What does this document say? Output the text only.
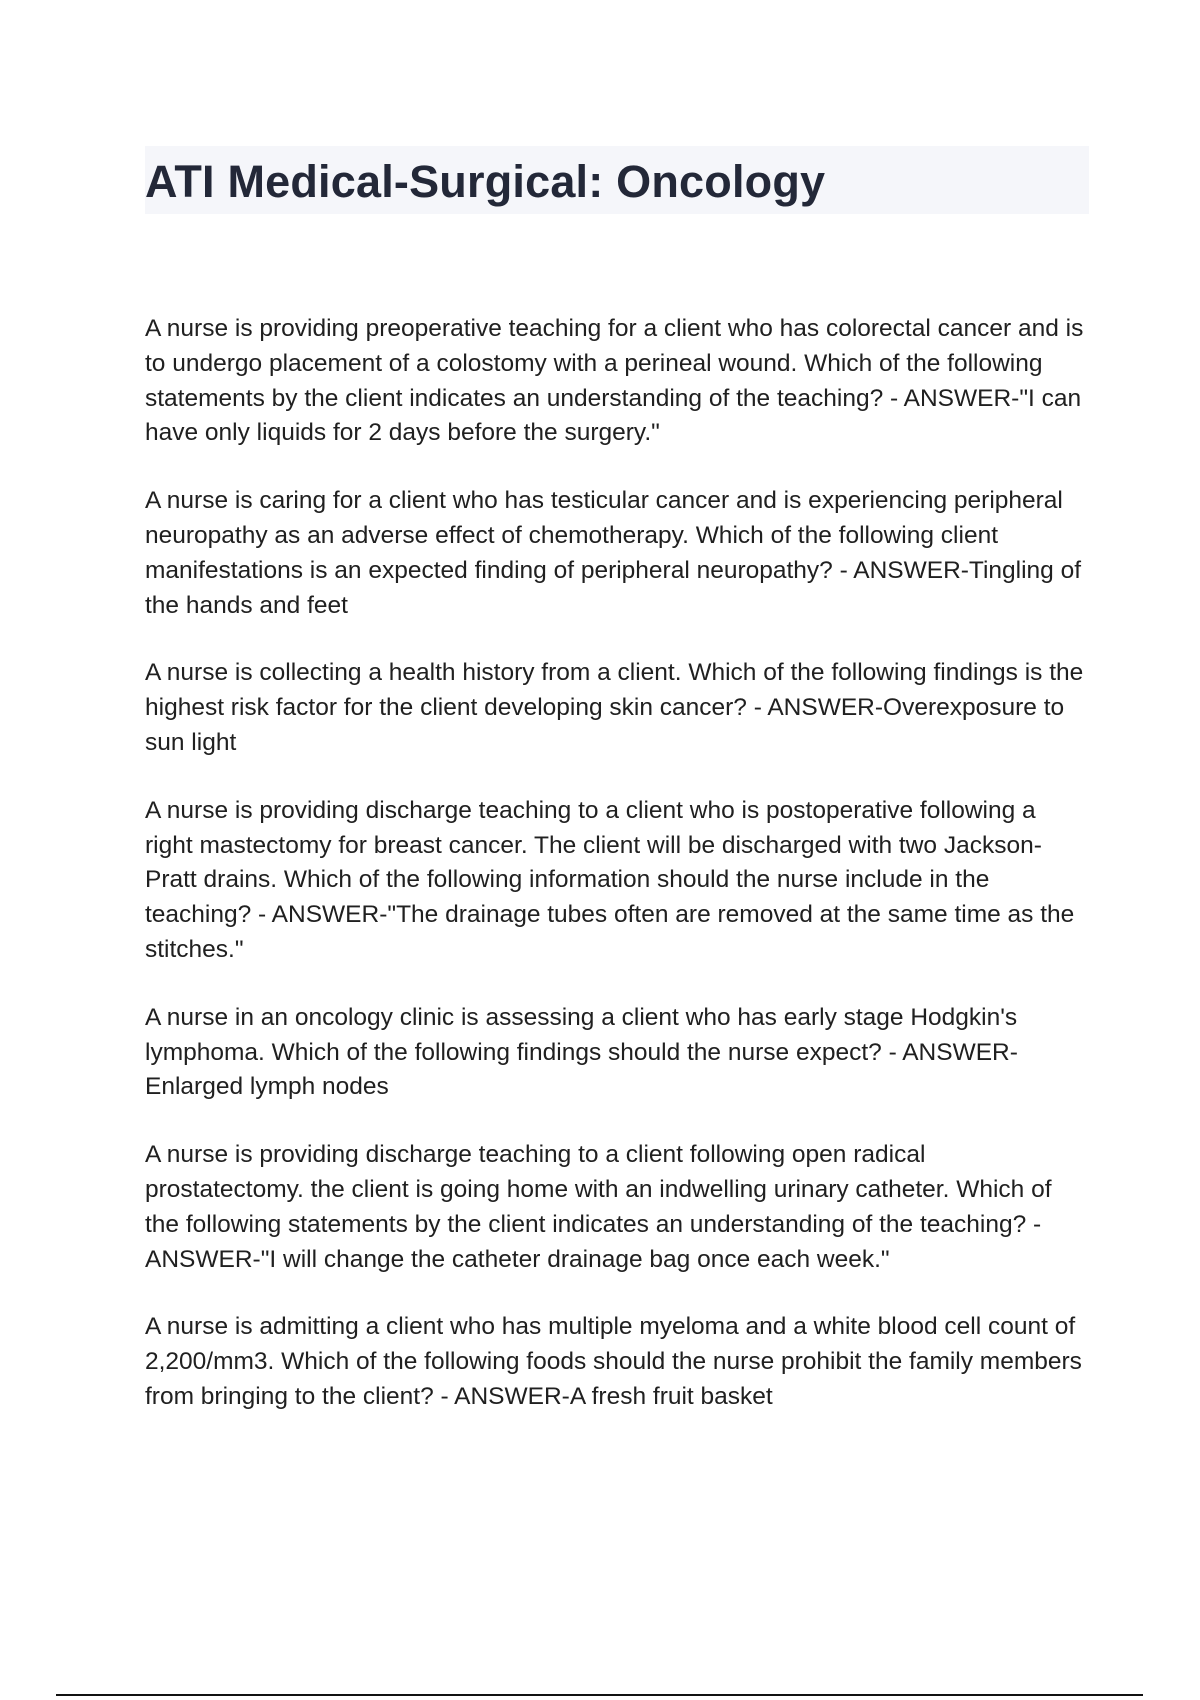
ATI Medical-Surgical: Oncology

A nurse is providing preoperative teaching for a client who has colorectal cancer and is to undergo placement of a colostomy with a perineal wound. Which of the following statements by the client indicates an understanding of the teaching? - ANSWER-"I can have only liquids for 2 days before the surgery."

A nurse is caring for a client who has testicular cancer and is experiencing peripheral neuropathy as an adverse effect of chemotherapy. Which of the following client manifestations is an expected finding of peripheral neuropathy? - ANSWER-Tingling of the hands and feet

A nurse is collecting a health history from a client. Which of the following findings is the highest risk factor for the client developing skin cancer? - ANSWER-Overexposure to sun light

A nurse is providing discharge teaching to a client who is postoperative following a right mastectomy for breast cancer. The client will be discharged with two Jackson-Pratt drains. Which of the following information should the nurse include in the teaching? - ANSWER-"The drainage tubes often are removed at the same time as the stitches."

A nurse in an oncology clinic is assessing a client who has early stage Hodgkin's lymphoma. Which of the following findings should the nurse expect? - ANSWER-Enlarged lymph nodes

A nurse is providing discharge teaching to a client following open radical prostatectomy. the client is going home with an indwelling urinary catheter. Which of the following statements by the client indicates an understanding of the teaching? - ANSWER-"I will change the catheter drainage bag once each week."

A nurse is admitting a client who has multiple myeloma and a white blood cell count of 2,200/mm3. Which of the following foods should the nurse prohibit the family members from bringing to the client? - ANSWER-A fresh fruit basket
